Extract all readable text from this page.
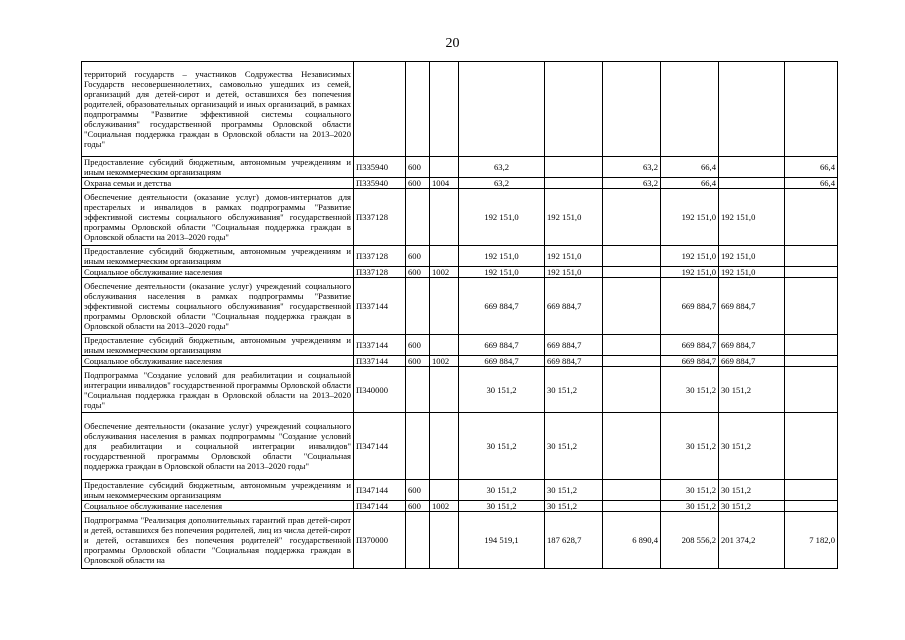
20
территорий государств – участников Содружества Независимых Государств несовершеннолетних, самовольно ушедших из семей, организаций для детей-сирот и детей, оставшихся без попечения родителей, образовательных организаций и иных организаций, в рамках подпрограммы "Развитие эффективной системы социального обслуживания" государственной программы Орловской области "Социальная поддержка граждан в Орловской области на 2013–2020 годы"									
Предоставление субсидий бюджетным, автономным учреждениям и иным некоммерческим организациям	П335940	600		63,2		63,2	66,4		66,4
Охрана семьи и детства	П335940	600	1004	63,2		63,2	66,4		66,4
Обеспечение деятельности (оказание услуг) домов-интернатов для престарелых и инвалидов в рамках подпрограммы "Развитие эффективной системы социального обслуживания" государственной программы Орловской области "Социальная поддержка граждан в Орловской области на 2013–2020 годы"	П337128			192 151,0	192 151,0		192 151,0	192 151,0	
Предоставление субсидий бюджетным, автономным учреждениям и иным некоммерческим организациям	П337128	600		192 151,0	192 151,0		192 151,0	192 151,0	
Социальное обслуживание населения	П337128	600	1002	192 151,0	192 151,0		192 151,0	192 151,0	
Обеспечение деятельности (оказание услуг) учреждений социального обслуживания населения в рамках подпрограммы "Развитие эффективной системы социального обслуживания" государственной программы Орловской области "Социальная поддержка граждан в Орловской области на 2013–2020 годы"	П337144			669 884,7	669 884,7		669 884,7	669 884,7	
Предоставление субсидий бюджетным, автономным учреждениям и иным некоммерческим организациям	П337144	600		669 884,7	669 884,7		669 884,7	669 884,7	
Социальное обслуживание населения	П337144	600	1002	669 884,7	669 884,7		669 884,7	669 884,7	
Подпрограмма "Создание условий для реабилитации и социальной интеграции инвалидов" государственной программы Орловской области "Социальная поддержка граждан в Орловской области на 2013–2020 годы"	П340000			30 151,2	30 151,2		30 151,2	30 151,2	
Обеспечение деятельности (оказание услуг) учреждений социального обслуживания населения в рамках подпрограммы "Создание условий для реабилитации и социальной интеграции инвалидов" государственной программы Орловской области "Социальная поддержка граждан в Орловской области на 2013–2020 годы"	П347144			30 151,2	30 151,2		30 151,2	30 151,2	
Предоставление субсидий бюджетным, автономным учреждениям и иным некоммерческим организациям	П347144	600		30 151,2	30 151,2		30 151,2	30 151,2	
Социальное обслуживание населения	П347144	600	1002	30 151,2	30 151,2		30 151,2	30 151,2	
Подпрограмма "Реализация дополнительных гарантий прав детей-сирот и детей, оставшихся без попечения родителей, лиц из числа детей-сирот и детей, оставшихся без попечения родителей" государственной программы Орловской области "Социальная поддержка граждан в Орловской области на	П370000			194 519,1	187 628,7	6 890,4	208 556,2	201 374,2	7 182,0
